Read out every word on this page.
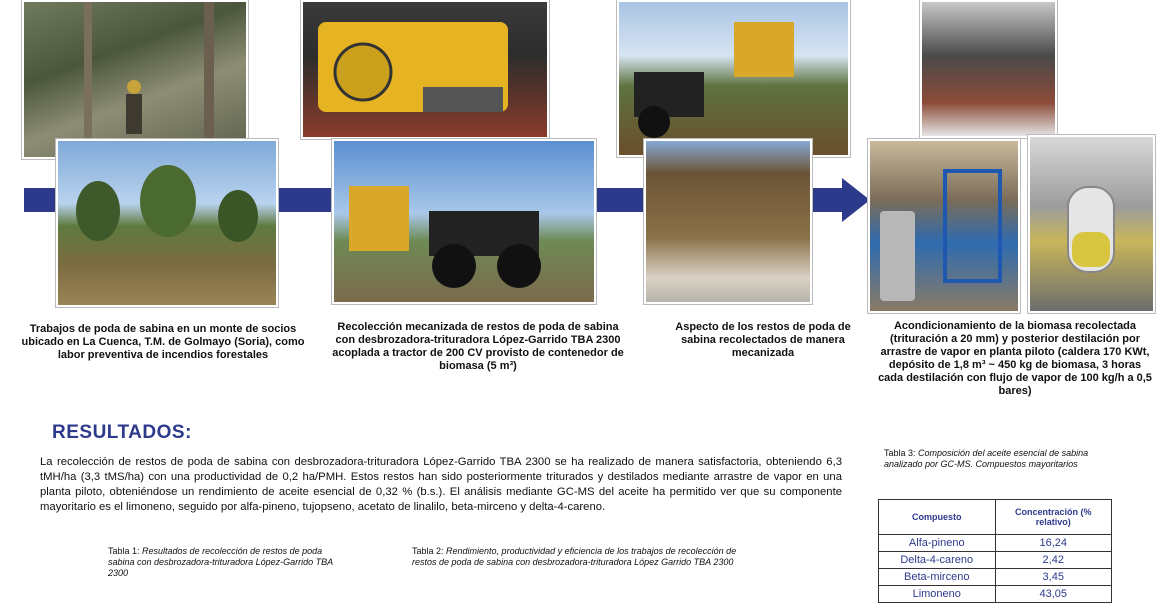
Trabajos de poda de sabina en un monte de socios ubicado en La Cuenca, T.M. de Golmayo (Soria), como labor preventiva de incendios forestales
Recolección mecanizada de restos de poda de sabina con desbrozadora-trituradora López-Garrido TBA 2300 acoplada a tractor de 200 CV provisto de contenedor de biomasa (5 m³)
Aspecto de los restos de poda de sabina recolectados de manera mecanizada
Acondicionamiento de la biomasa recolectada (trituración a 20 mm) y posterior destilación por arrastre de vapor en planta piloto (caldera 170 KWt, depósito de 1,8 m³ ~ 450 kg de biomasa, 3 horas cada destilación con flujo de vapor de 100 kg/h a 0,5 bares)
RESULTADOS:
La recolección de restos de poda de sabina con desbrozadora-trituradora López-Garrido TBA 2300 se ha realizado de manera satisfactoria, obteniendo 6,3 tMH/ha (3,3 tMS/ha) con una productividad de 0,2 ha/PMH. Estos restos han sido posteriormente triturados y destilados mediante arrastre de vapor en una planta piloto, obteniéndose un rendimiento de aceite esencial de 0,32 % (b.s.). El análisis mediante GC-MS del aceite ha permitido ver que su componente mayoritario es el limoneno, seguido por alfa-pineno, tujopseno, acetato de linalilo, beta-mirceno y delta-4-careno.
Tabla 1: Resultados de recolección de restos de poda sabina con desbrozadora-trituradora López-Garrido TBA 2300
Tabla 2: Rendimiento, productividad y eficiencia de los trabajos de recolección de restos de poda de sabina con desbrozadora-trituradora López Garrido TBA 2300
Tabla 3: Composición del aceite esencial de sabina analizado por GC-MS. Compuestos mayoritarios
Compuesto	Concentración (% relativo)
Alfa-pineno	16,24
Delta-4-careno	2,42
Beta-mirceno	3,45
Limoneno	43,05
